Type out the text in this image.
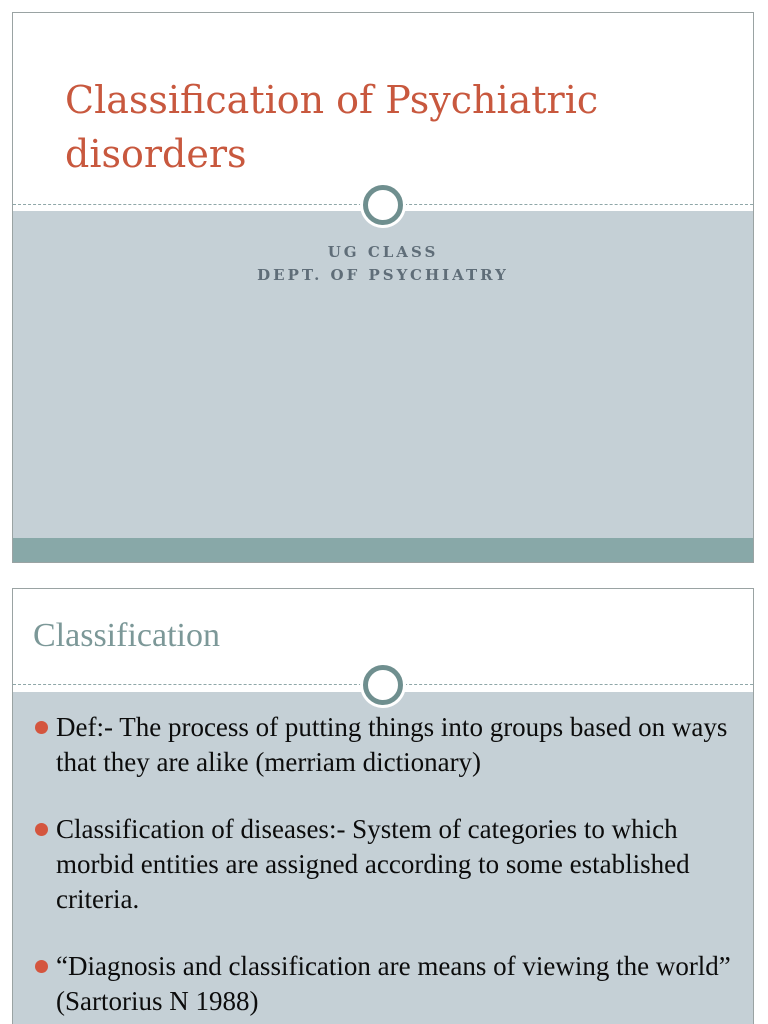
Classification of Psychiatric disorders
UG CLASS
DEPT. OF PSYCHIATRY
Classification
Def:- The process of putting things into groups based on ways that they are alike (merriam dictionary)
Classification of diseases:- System of categories to which morbid entities are assigned according to some established criteria.
“Diagnosis and classification are means of viewing the world” (Sartorius N 1988)
